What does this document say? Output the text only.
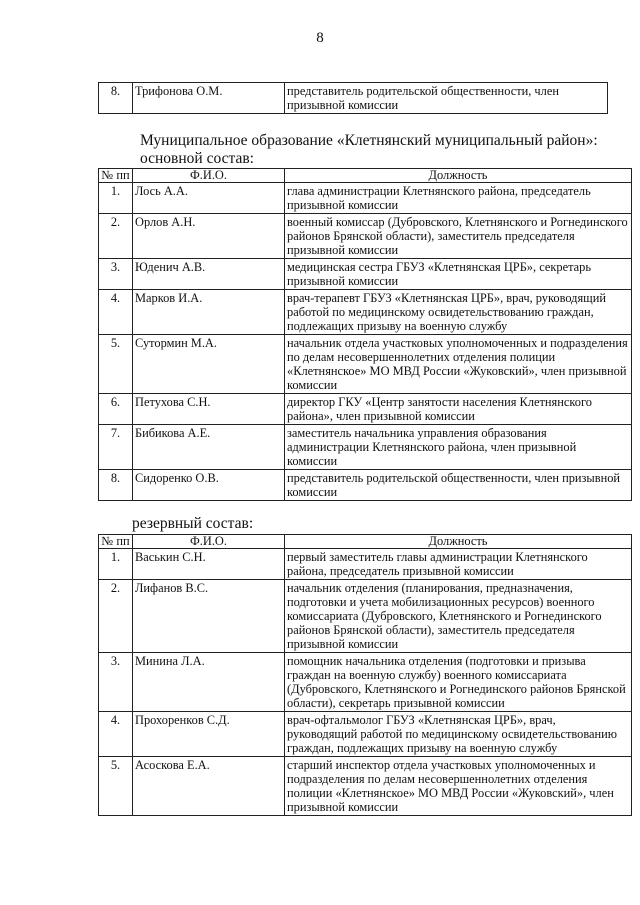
8
8.	Трифонова О.М.	представитель родительской общественности, член призывной комиссии
Муниципальное образование «Клетнянский муниципальный район»:
основной состав:
№ пп	Ф.И.О.	Должность
1.	Лось А.А.	глава администрации Клетнянского района, председатель призывной комиссии
2.	Орлов А.Н.	военный комиссар (Дубровского, Клетнянского и Рогнединского районов Брянской области), заместитель председателя призывной комиссии
3.	Юденич А.В.	медицинская сестра ГБУЗ «Клетнянская ЦРБ», секретарь призывной комиссии
4.	Марков И.А.	врач-терапевт ГБУЗ «Клетнянская ЦРБ», врач, руководящий работой по медицинскому освидетельствованию граждан, подлежащих призыву на военную службу
5.	Сутормин М.А.	начальник отдела участковых уполномоченных и подразделения по делам несовершеннолетних отделения полиции «Клетнянское» МО МВД России «Жуковский», член призывной комиссии
6.	Петухова С.Н.	директор ГКУ «Центр занятости населения Клетнянского района», член призывной комиссии
7.	Бибикова А.Е.	заместитель начальника управления образования администрации Клетнянского района, член призывной комиссии
8.	Сидоренко О.В.	представитель родительской общественности, член призывной комиссии
резервный состав:
№ пп	Ф.И.О.	Должность
1.	Васькин С.Н.	первый заместитель главы администрации Клетнянского района, председатель призывной комиссии
2.	Лифанов В.С.	начальник отделения (планирования, предназначения, подготовки и учета мобилизационных ресурсов) военного комиссариата (Дубровского, Клетнянского и Рогнединского районов Брянской области), заместитель председателя призывной комиссии
3.	Минина Л.А.	помощник начальника отделения (подготовки и призыва граждан на военную службу) военного комиссариата (Дубровского, Клетнянского и Рогнединского районов Брянской области), секретарь призывной комиссии
4.	Прохоренков С.Д.	врач-офтальмолог ГБУЗ «Клетнянская ЦРБ», врач, руководящий работой по медицинскому освидетельствованию граждан, подлежащих призыву на военную службу
5.	Асоскова Е.А.	старший инспектор отдела участковых уполномоченных и подразделения по делам несовершеннолетних отделения полиции «Клетнянское» МО МВД России «Жуковский», член призывной комиссии
